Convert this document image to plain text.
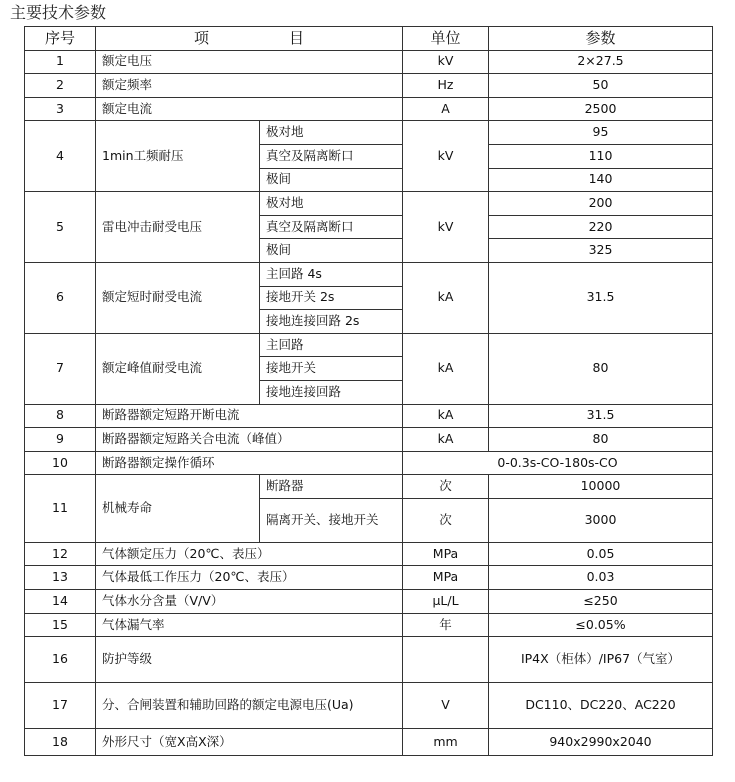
主要技术参数
序号	项 目		单位	参数
1	额定电压		kV	2×27.5
2	额定频率		Hz	50
3	额定电流		A	2500
4	1min工频耐压	极对地	kV	95
		真空及隔离断口		110
		极间		140
5	雷电冲击耐受电压	极对地	kV	200
		真空及隔离断口		220
		极间		325
6	额定短时耐受电流	主回路 4s	kA	31.5
		接地开关 2s		
		接地连接回路 2s		
7	额定峰值耐受电流	主回路	kA	80
		接地开关		
		接地连接回路		
8	断路器额定短路开断电流		kA	31.5
9	断路器额定短路关合电流（峰值）		kA	80
10	断路器额定操作循环		0-0.3s-CO-180s-CO	
11	机械寿命	断路器	次	10000
		隔离开关、接地开关	次	3000
12	气体额定压力（20℃、表压）		MPa	0.05
13	气体最低工作压力（20℃、表压）		MPa	0.03
14	气体水分含量（V/V）		μL/L	≤250
15	气体漏气率		年	≤0.05%
16	防护等级			IP4X（柜体）/IP67（气室）
17	分、合闸装置和辅助回路的额定电源电压(Ua)		V	DC110、DC220、AC220
18	外形尺寸（宽X高X深）		mm	940x2990x2040
